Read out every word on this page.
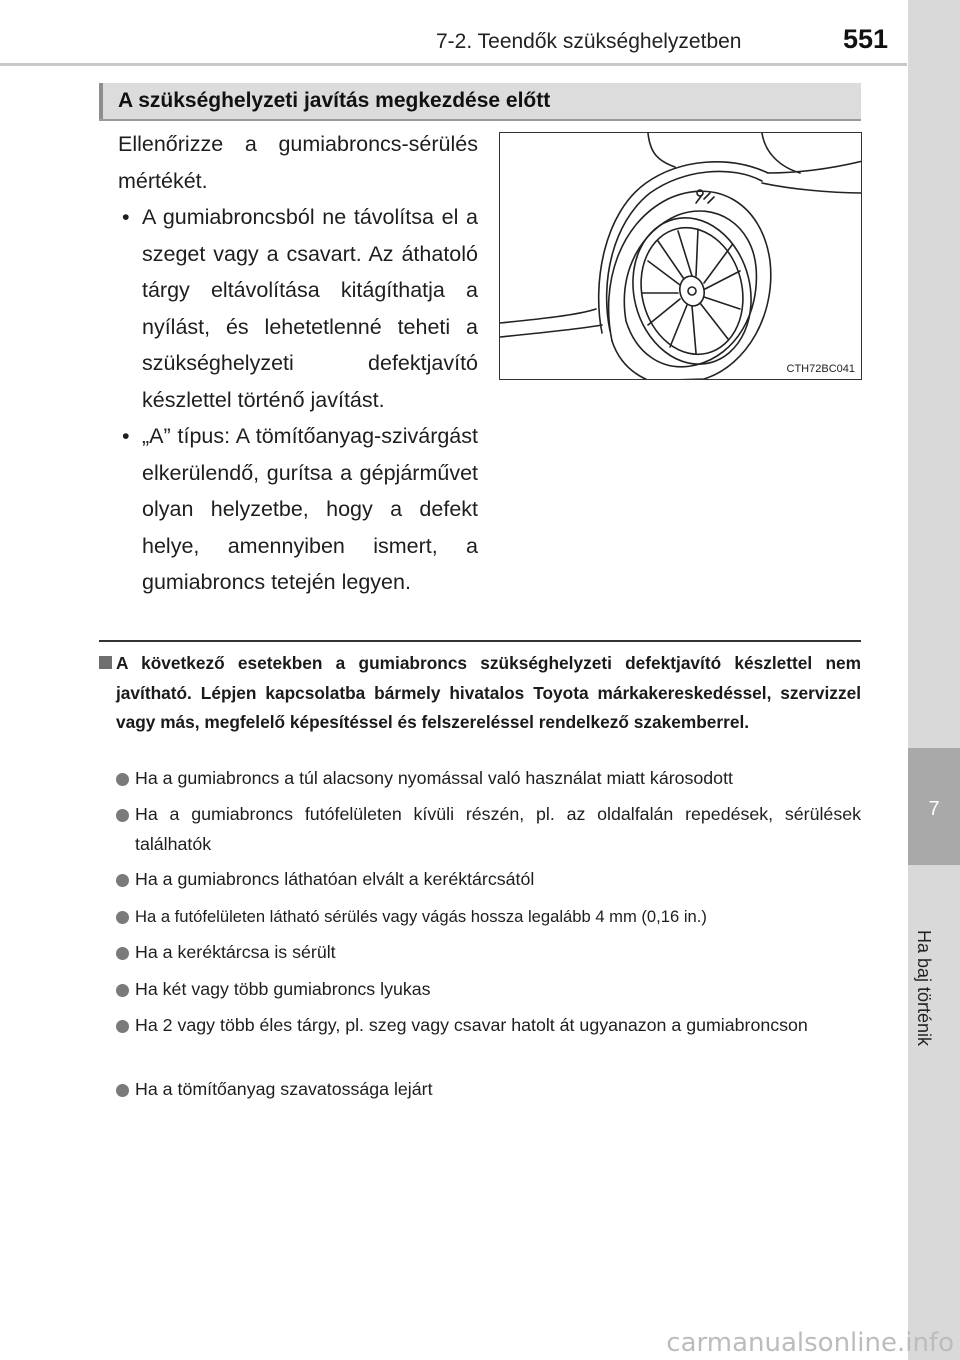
7-2. Teendők szükséghelyzetben	551
7
Ha baj történik
A szükséghelyzeti javítás megkezdése előtt
Ellenőrizze a gumiabroncs-sérülés mértékét.
• A gumiabroncsból ne távolítsa el a szeget vagy a csavart. Az áthatoló tárgy eltávolítása kitágíthatja a nyílást, és lehetetlenné teheti a szükséghelyzeti defektjavító készlettel történő javítást.
• „A” típus: A tömítőanyag-szivárgást elkerülendő, gurítsa a gépjárművet olyan helyzetbe, hogy a defekt helye, amennyiben ismert, a gumiabroncs tetején legyen.
CTH72BC041
A következő esetekben a gumiabroncs szükséghelyzeti defektjavító készlettel nem javítható. Lépjen kapcsolatba bármely hivatalos Toyota márkakereskedéssel, szervizzel vagy más, megfelelő képesítéssel és felszereléssel rendelkező szakemberrel.
Ha a gumiabroncs a túl alacsony nyomással való használat miatt károsodott
Ha a gumiabroncs futófelületen kívüli részén, pl. az oldalfalán repedések, sérülések találhatók
Ha a gumiabroncs láthatóan elvált a keréktárcsától
Ha a futófelületen látható sérülés vagy vágás hossza legalább 4 mm (0,16 in.)
Ha a keréktárcsa is sérült
Ha két vagy több gumiabroncs lyukas
Ha 2 vagy több éles tárgy, pl. szeg vagy csavar hatolt át ugyanazon a gumiabroncson
Ha a tömítőanyag szavatossága lejárt
carmanualsonline.info
